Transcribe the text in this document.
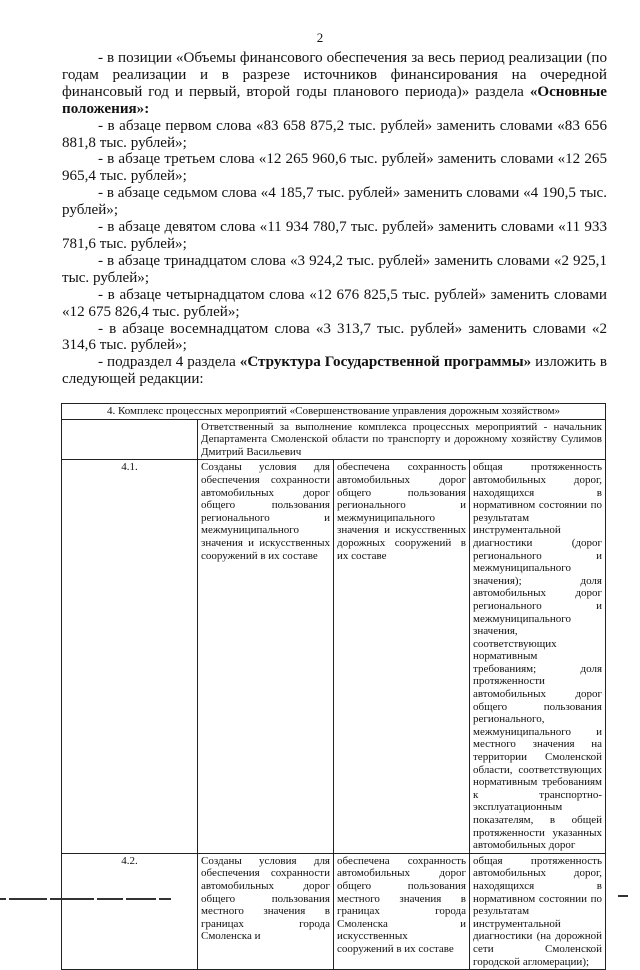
2

- в позиции «Объемы финансового обеспечения за весь период реализации (по годам реализации и в разрезе источников финансирования на очередной финансовый год и первый, второй годы планового периода)» раздела «Основные положения»:

- в абзаце первом слова «83 658 875,2 тыс. рублей» заменить словами «83 656 881,8 тыс. рублей»;

- в абзаце третьем слова «12 265 960,6 тыс. рублей» заменить словами «12 265 965,4 тыс. рублей»;

- в абзаце седьмом слова «4 185,7 тыс. рублей» заменить словами «4 190,5 тыс. рублей»;

- в абзаце девятом слова «11 934 780,7 тыс. рублей» заменить словами «11 933 781,6 тыс. рублей»;

- в абзаце тринадцатом слова «3 924,2 тыс. рублей» заменить словами «2 925,1 тыс. рублей»;

- в абзаце четырнадцатом слова «12 676 825,5 тыс. рублей» заменить словами «12 675 826,4 тыс. рублей»;

- в абзаце восемнадцатом слова «3 313,7 тыс. рублей» заменить словами «2 314,6 тыс. рублей»;

- подраздел 4 раздела «Структура Государственной программы» изложить в следующей редакции:

4. Комплекс процессных мероприятий «Совершенствование управления дорожным хозяйством»			
	Ответственный за выполнение комплекса процессных мероприятий - начальник Департамента Смоленской области по транспорту и дорожному хозяйству Сулимов Дмитрий Васильевич		
4.1.	Созданы условия для обеспечения сохранности автомобильных дорог общего пользования регионального и межмуниципального значения и искусственных сооружений в их составе	обеспечена сохранность автомобильных дорог общего пользования регионального и межмуниципального значения и искусственных дорожных сооружений в их составе	общая протяженность автомобильных дорог, находящихся в нормативном состоянии по результатам инструментальной диагностики (дорог регионального и межмуниципального значения); доля автомобильных дорог регионального и межмуниципального значения, соответствующих нормативным требованиям; доля протяженности автомобильных дорог общего пользования регионального, межмуниципального и местного значения на территории Смоленской области, соответствующих нормативным требованиям к транспортно-эксплуатационным показателям, в общей протяженности указанных автомобильных дорог
4.2.	Созданы условия для обеспечения сохранности автомобильных дорог общего пользования местного значения в границах города Смоленска и	обеспечена сохранность автомобильных дорог общего пользования местного значения в границах города Смоленска и искусственных сооружений в их составе	общая протяженность автомобильных дорог, находящихся в нормативном состоянии по результатам инструментальной диагностики (на дорожной сети Смоленской городской агломерации);
